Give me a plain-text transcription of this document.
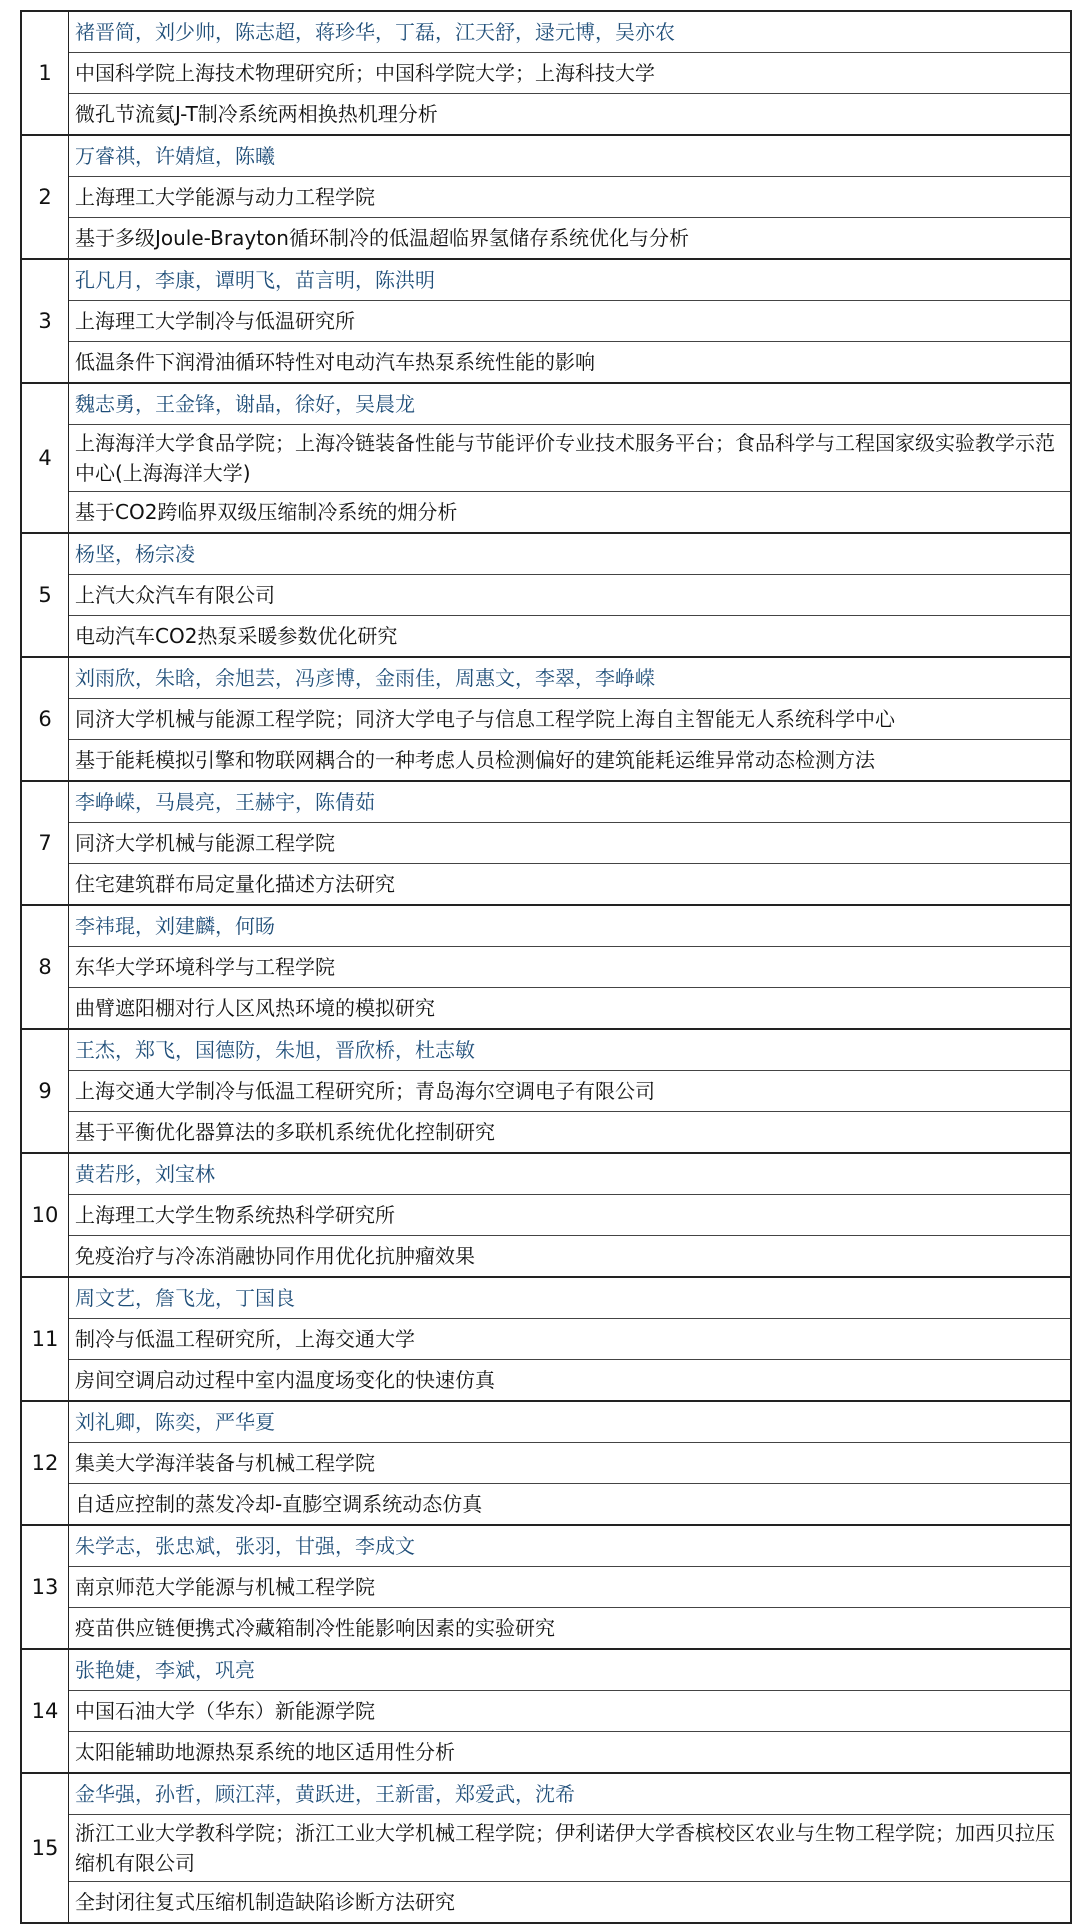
1
褚晋简，刘少帅，陈志超，蒋珍华，丁磊，江天舒，逯元博，吴亦农
中国科学院上海技术物理研究所；中国科学院大学；上海科技大学
微孔节流氦J-T制冷系统两相换热机理分析
2
万睿祺，许婧煊，陈曦
上海理工大学能源与动力工程学院
基于多级Joule-Brayton循环制冷的低温超临界氢储存系统优化与分析
3
孔凡月，李康，谭明飞，苗言明，陈洪明
上海理工大学制冷与低温研究所
低温条件下润滑油循环特性对电动汽车热泵系统性能的影响
4
魏志勇，王金锋，谢晶，徐好，吴晨龙
上海海洋大学食品学院；上海冷链装备性能与节能评价专业技术服务平台；食品科学与工程国家级实验教学示范中心(上海海洋大学)
基于CO2跨临界双级压缩制冷系统的㶲分析
5
杨坚，杨宗凌
上汽大众汽车有限公司
电动汽车CO2热泵采暖参数优化研究
6
刘雨欣，朱晗，余旭芸，冯彦博，金雨佳，周惠文，李翠，李峥嵘
同济大学机械与能源工程学院；同济大学电子与信息工程学院上海自主智能无人系统科学中心
基于能耗模拟引擎和物联网耦合的一种考虑人员检测偏好的建筑能耗运维异常动态检测方法
7
李峥嵘，马晨亮，王赫宇，陈倩茹
同济大学机械与能源工程学院
住宅建筑群布局定量化描述方法研究
8
李祎琨，刘建麟，何旸
东华大学环境科学与工程学院
曲臂遮阳棚对行人区风热环境的模拟研究
9
王杰，郑飞，国德防，朱旭，晋欣桥，杜志敏
上海交通大学制冷与低温工程研究所；青岛海尔空调电子有限公司
基于平衡优化器算法的多联机系统优化控制研究
10
黄若彤，刘宝林
上海理工大学生物系统热科学研究所
免疫治疗与冷冻消融协同作用优化抗肿瘤效果
11
周文艺，詹飞龙，丁国良
制冷与低温工程研究所，上海交通大学
房间空调启动过程中室内温度场变化的快速仿真
12
刘礼卿，陈奕，严华夏
集美大学海洋装备与机械工程学院
自适应控制的蒸发冷却-直膨空调系统动态仿真
13
朱学志，张忠斌，张羽，甘强，李成文
南京师范大学能源与机械工程学院
疫苗供应链便携式冷藏箱制冷性能影响因素的实验研究
14
张艳婕，李斌，巩亮
中国石油大学（华东）新能源学院
太阳能辅助地源热泵系统的地区适用性分析
15
金华强，孙哲，顾江萍，黄跃进，王新雷，郑爱武，沈希
浙江工业大学教科学院；浙江工业大学机械工程学院；伊利诺伊大学香槟校区农业与生物工程学院；加西贝拉压缩机有限公司
全封闭往复式压缩机制造缺陷诊断方法研究
